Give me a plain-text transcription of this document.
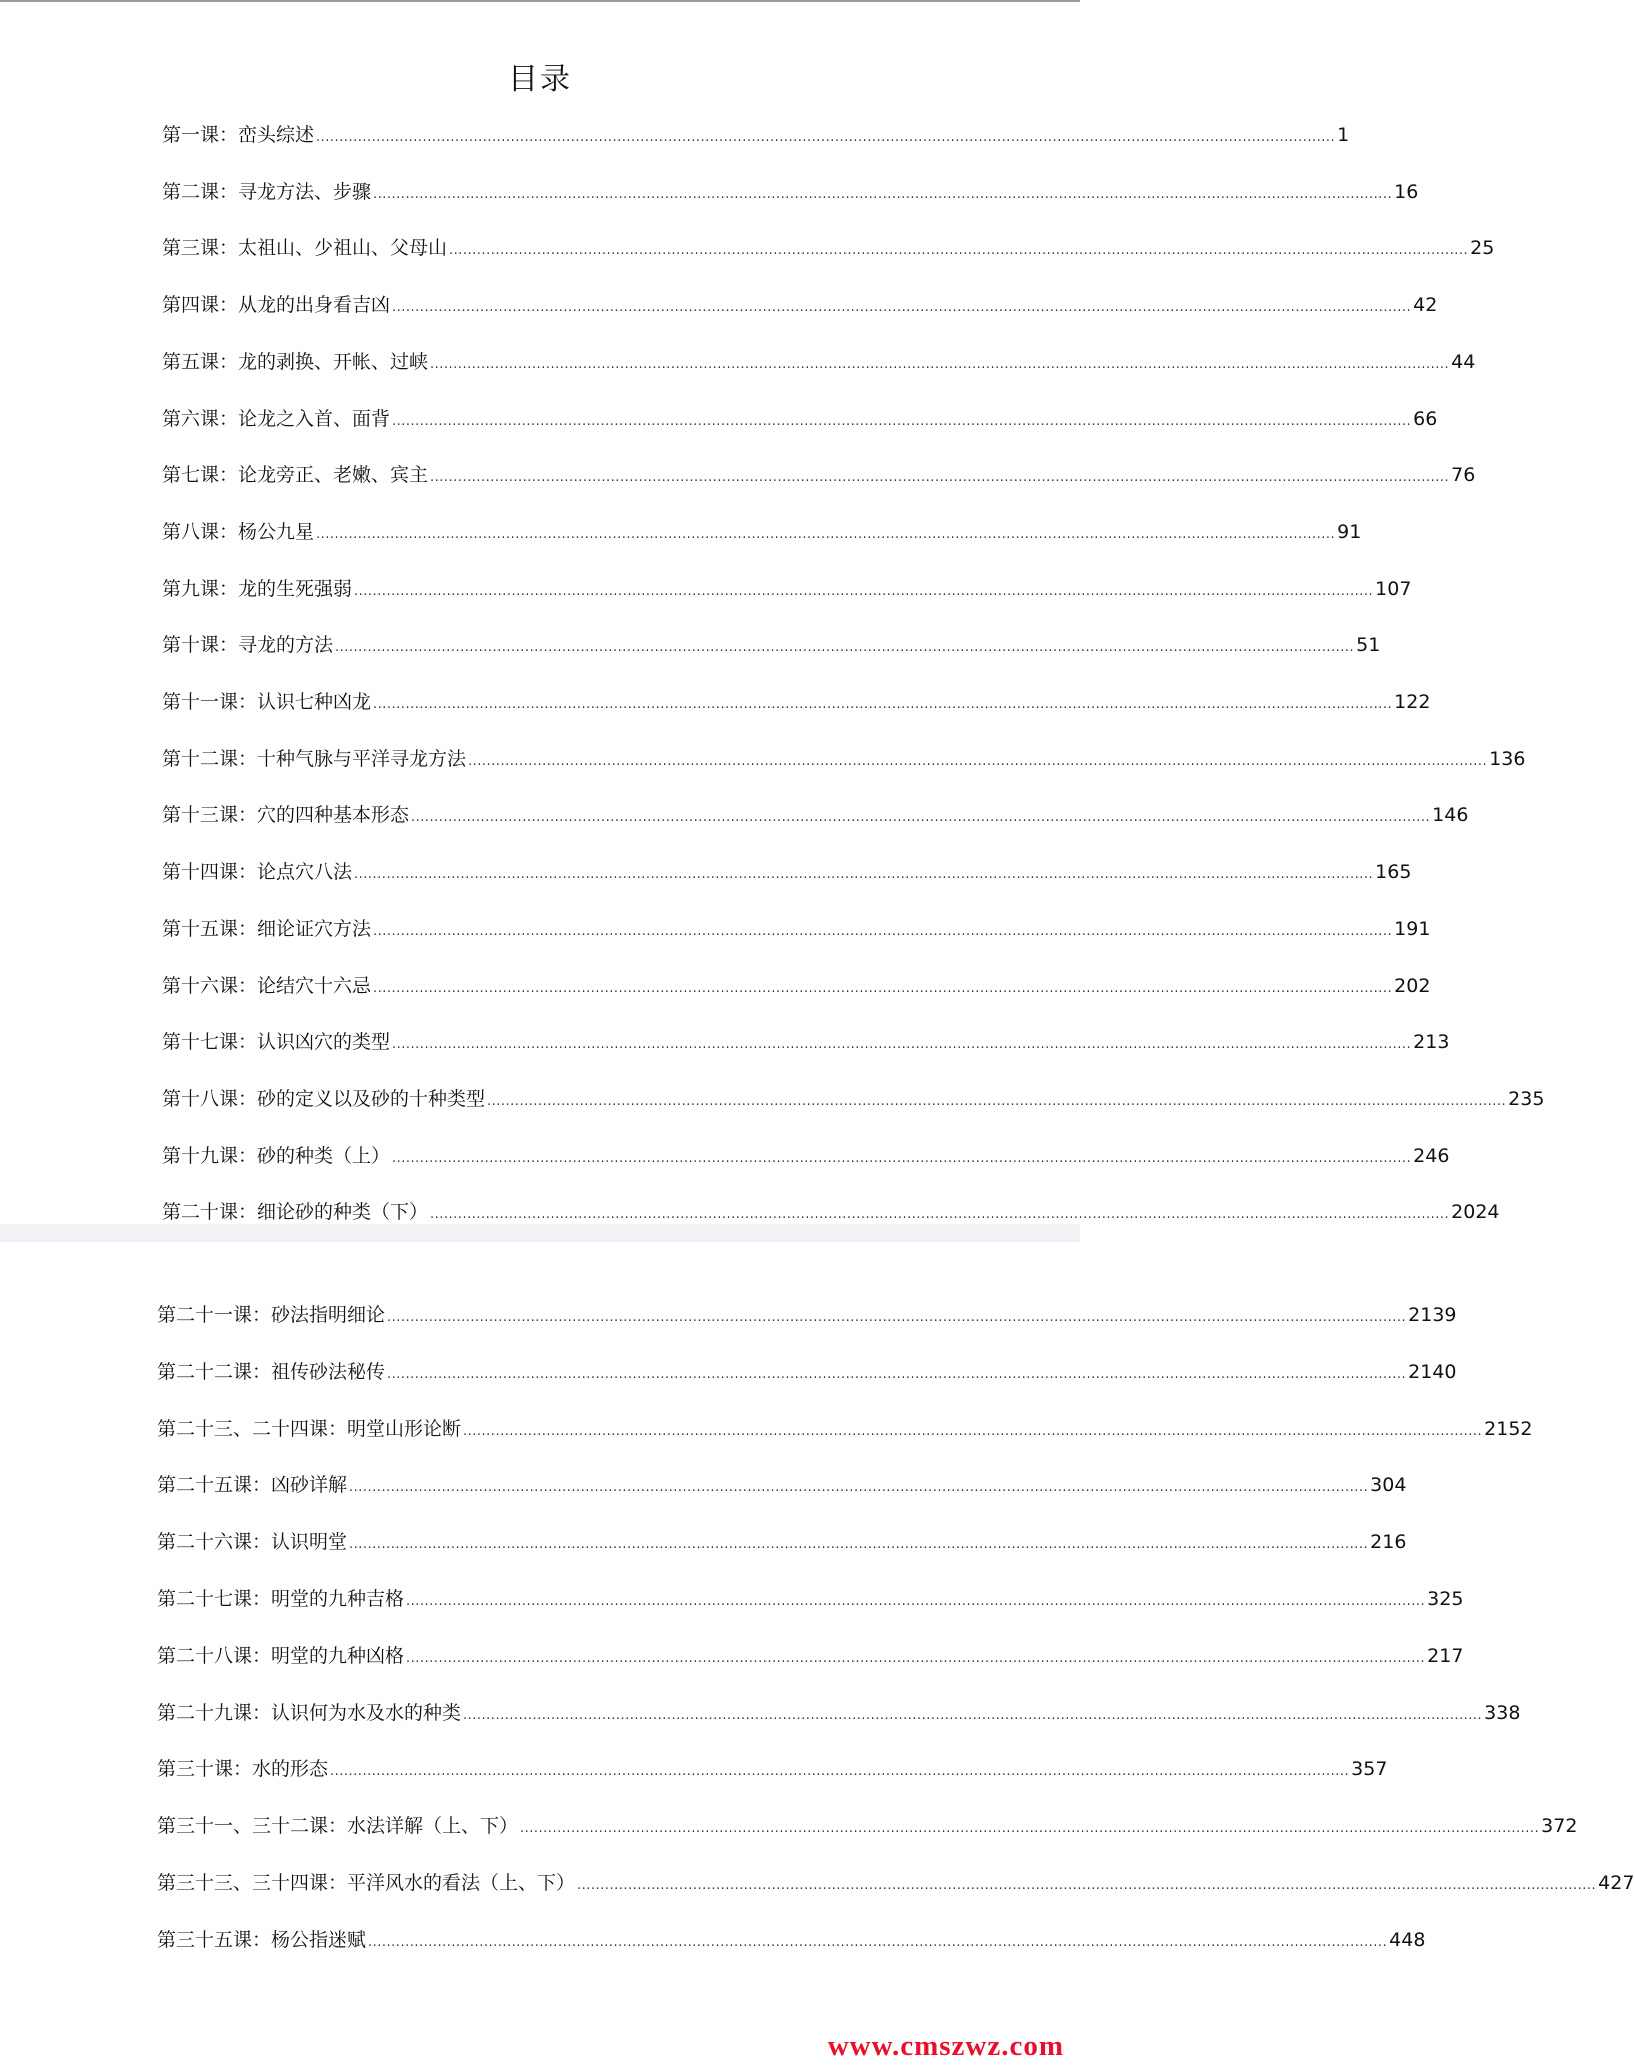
目录
第一课：峦头综述 ............................................................................................................................................................................................................................ 1
第二课：寻龙方法、步骤 ............................................................................................................................................................................................................................ 16
第三课：太祖山、少祖山、父母山 ............................................................................................................................................................................................................................ 25
第四课：从龙的出身看吉凶 ............................................................................................................................................................................................................................ 42
第五课：龙的剥换、开帐、过峡 ............................................................................................................................................................................................................................ 44
第六课：论龙之入首、面背 ............................................................................................................................................................................................................................ 66
第七课：论龙旁正、老嫩、宾主 ............................................................................................................................................................................................................................ 76
第八课：杨公九星 ............................................................................................................................................................................................................................ 91
第九课：龙的生死强弱 ............................................................................................................................................................................................................................ 107
第十课：寻龙的方法 ............................................................................................................................................................................................................................ 51
第十一课：认识七种凶龙 ............................................................................................................................................................................................................................ 122
第十二课：十种气脉与平洋寻龙方法 ............................................................................................................................................................................................................................ 136
第十三课：穴的四种基本形态 ............................................................................................................................................................................................................................ 146
第十四课：论点穴八法 ............................................................................................................................................................................................................................ 165
第十五课：细论证穴方法 ............................................................................................................................................................................................................................ 191
第十六课：论结穴十六忌 ............................................................................................................................................................................................................................ 202
第十七课：认识凶穴的类型 ............................................................................................................................................................................................................................ 213
第十八课：砂的定义以及砂的十种类型 ............................................................................................................................................................................................................................ 235
第十九课：砂的种类（上） ............................................................................................................................................................................................................................ 246
第二十课：细论砂的种类（下） ............................................................................................................................................................................................................................ 2024
第二十一课：砂法指明细论 ............................................................................................................................................................................................................................ 2139
第二十二课：祖传砂法秘传 ............................................................................................................................................................................................................................ 2140
第二十三、二十四课：明堂山形论断 ............................................................................................................................................................................................................................ 2152
第二十五课：凶砂详解 ............................................................................................................................................................................................................................ 304
第二十六课：认识明堂 ............................................................................................................................................................................................................................ 216
第二十七课：明堂的九种吉格 ............................................................................................................................................................................................................................ 325
第二十八课：明堂的九种凶格 ............................................................................................................................................................................................................................ 217
第二十九课：认识何为水及水的种类 ............................................................................................................................................................................................................................ 338
第三十课：水的形态 ............................................................................................................................................................................................................................ 357
第三十一、三十二课：水法详解（上、下） ............................................................................................................................................................................................................................ 372
第三十三、三十四课：平洋风水的看法（上、下） ............................................................................................................................................................................................................................ 427
第三十五课：杨公指迷赋 ............................................................................................................................................................................................................................ 448
www.cmszwz.com
